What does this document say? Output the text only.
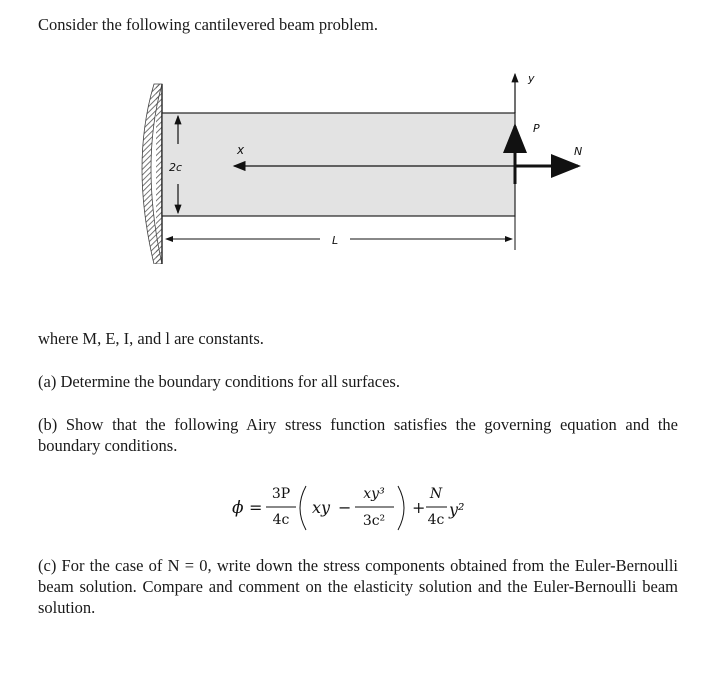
Consider the following cantilevered beam problem.

2c
x
y
P
N
L

where M, E, I, and l are constants.

(a) Determine the boundary conditions for all surfaces.

(b) Show that the following Airy stress function satisfies the governing equation and the boundary conditions.

ϕ =
3P
4c
xy −
xy³
3c²
+
N
4c
y²

(c) For the case of N = 0, write down the stress components obtained from the Euler-Bernoulli beam solution. Compare and comment on the elasticity solution and the Euler-Bernoulli beam solution.
